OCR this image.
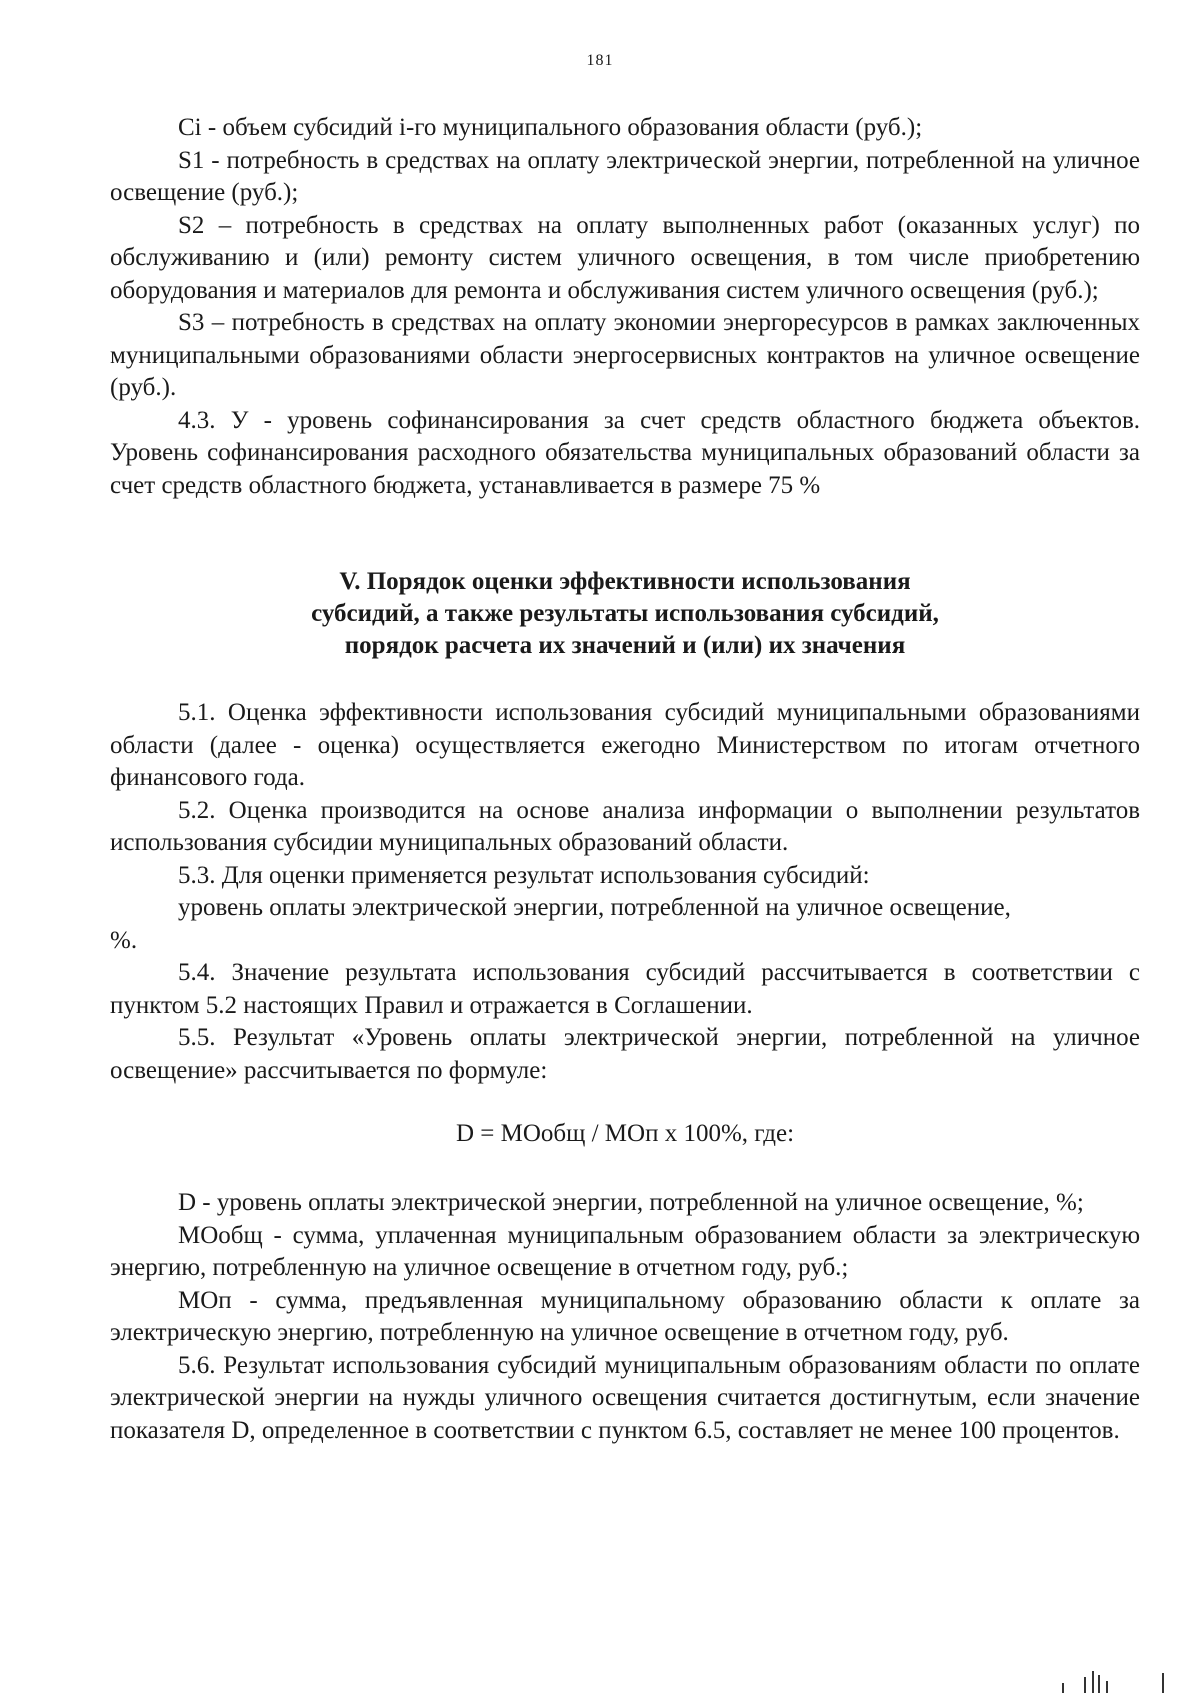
181

Ci - объем субсидий i-го муниципального образования области (руб.);

S1 - потребность в средствах на оплату электрической энергии, потребленной на уличное освещение (руб.);

S2 – потребность в средствах на оплату выполненных работ (оказанных услуг) по обслуживанию и (или) ремонту систем уличного освещения, в том числе приобретению оборудования и материалов для ремонта и обслуживания систем уличного освещения (руб.);

S3 – потребность в средствах на оплату экономии энергоресурсов в рамках заключенных муниципальными образованиями области энергосервисных контрактов на уличное освещение (руб.).

4.3. У - уровень софинансирования за счет средств областного бюджета объектов. Уровень софинансирования расходного обязательства муниципальных образований области за счет средств областного бюджета, устанавливается в размере 75 %

V. Порядок оценки эффективности использования
субсидий, а также результаты использования субсидий,
порядок расчета их значений и (или) их значения

5.1. Оценка эффективности использования субсидий муниципальными образованиями области (далее - оценка) осуществляется ежегодно Министерством по итогам отчетного финансового года.

5.2. Оценка производится на основе анализа информации о выполнении результатов использования субсидии муниципальных образований области.

5.3. Для оценки применяется результат использования субсидий:

уровень оплаты электрической энергии, потребленной на уличное освещение,

%.

5.4. Значение результата использования субсидий рассчитывается в соответствии с пунктом 5.2 настоящих Правил и отражается в Соглашении.

5.5. Результат «Уровень оплаты электрической энергии, потребленной на уличное освещение» рассчитывается по формуле:

D = МОобщ / МОп х 100%, где:

D - уровень оплаты электрической энергии, потребленной на уличное освещение, %;

МОобщ - сумма, уплаченная муниципальным образованием области за электрическую энергию, потребленную на уличное освещение в отчетном году, руб.;

МОп - сумма, предъявленная муниципальному образованию области к оплате за электрическую энергию, потребленную на уличное освещение в отчетном году, руб.

5.6. Результат использования субсидий муниципальным образованиям области по оплате электрической энергии на нужды уличного освещения считается достигнутым, если значение показателя D, определенное в соответствии с пунктом 6.5, составляет не менее 100 процентов.
